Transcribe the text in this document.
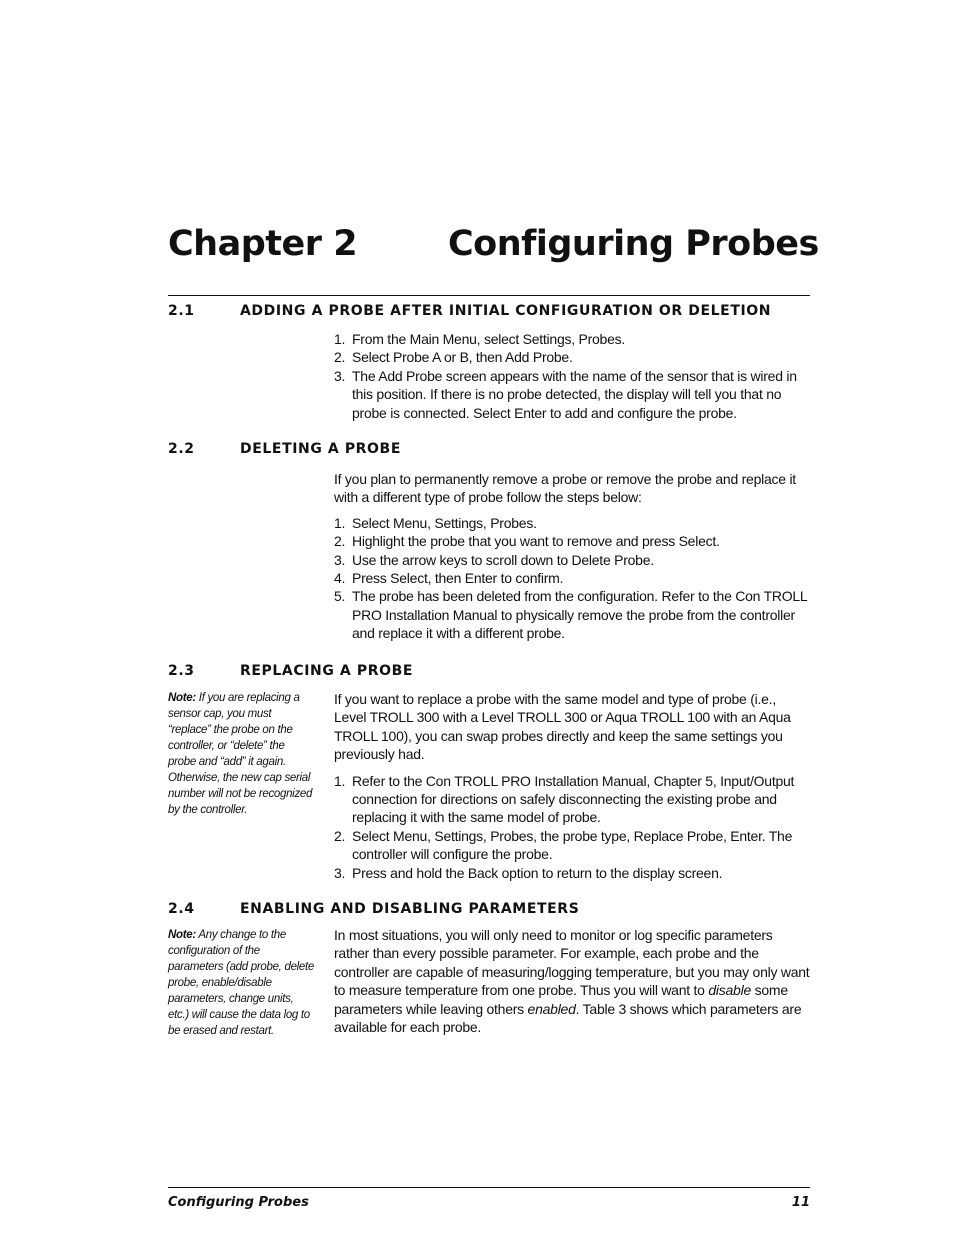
Chapter 2	Configuring Probes
2.1	ADDING A PROBE AFTER INITIAL CONFIGURATION OR DELETION
1. From the Main Menu, select Settings, Probes.
2. Select Probe A or B, then Add Probe.
3. The Add Probe screen appears with the name of the sensor that is wired in this position. If there is no probe detected, the display will tell you that no probe is connected. Select Enter to add and configure the probe.
2.2	DELETING A PROBE

If you plan to permanently remove a probe or remove the probe and replace it with a different type of probe follow the steps below:

1. Select Menu, Settings, Probes.
2. Highlight the probe that you want to remove and press Select.
3. Use the arrow keys to scroll down to Delete Probe.
4. Press Select, then Enter to confirm.
5. The probe has been deleted from the configuration. Refer to the Con TROLL PRO Installation Manual to physically remove the probe from the controller and replace it with a different probe.
2.3	REPLACING A PROBE
Note: If you are replacing a sensor cap, you must “replace” the probe on the controller, or “delete” the probe and “add” it again. Otherwise, the new cap serial number will not be recognized by the controller.

If you want to replace a probe with the same model and type of probe (i.e., Level TROLL 300 with a Level TROLL 300 or Aqua TROLL 100 with an Aqua TROLL 100), you can swap probes directly and keep the same settings you previously had.

1. Refer to the Con TROLL PRO Installation Manual, Chapter 5, Input/Output connection for directions on safely disconnecting the existing probe and replacing it with the same model of probe.
2. Select Menu, Settings, Probes, the probe type, Replace Probe, Enter. The controller will configure the probe.
3. Press and hold the Back option to return to the display screen.
2.4	ENABLING AND DISABLING PARAMETERS
Note: Any change to the configuration of the parameters (add probe, delete probe, enable/disable parameters, change units, etc.) will cause the data log to be erased and restart.

In most situations, you will only need to monitor or log specific parameters rather than every possible parameter. For example, each probe and the controller are capable of measuring/logging temperature, but you may only want to measure temperature from one probe. Thus you will want to disable some parameters while leaving others enabled. Table 3 shows which parameters are available for each probe.

Configuring Probes	11
